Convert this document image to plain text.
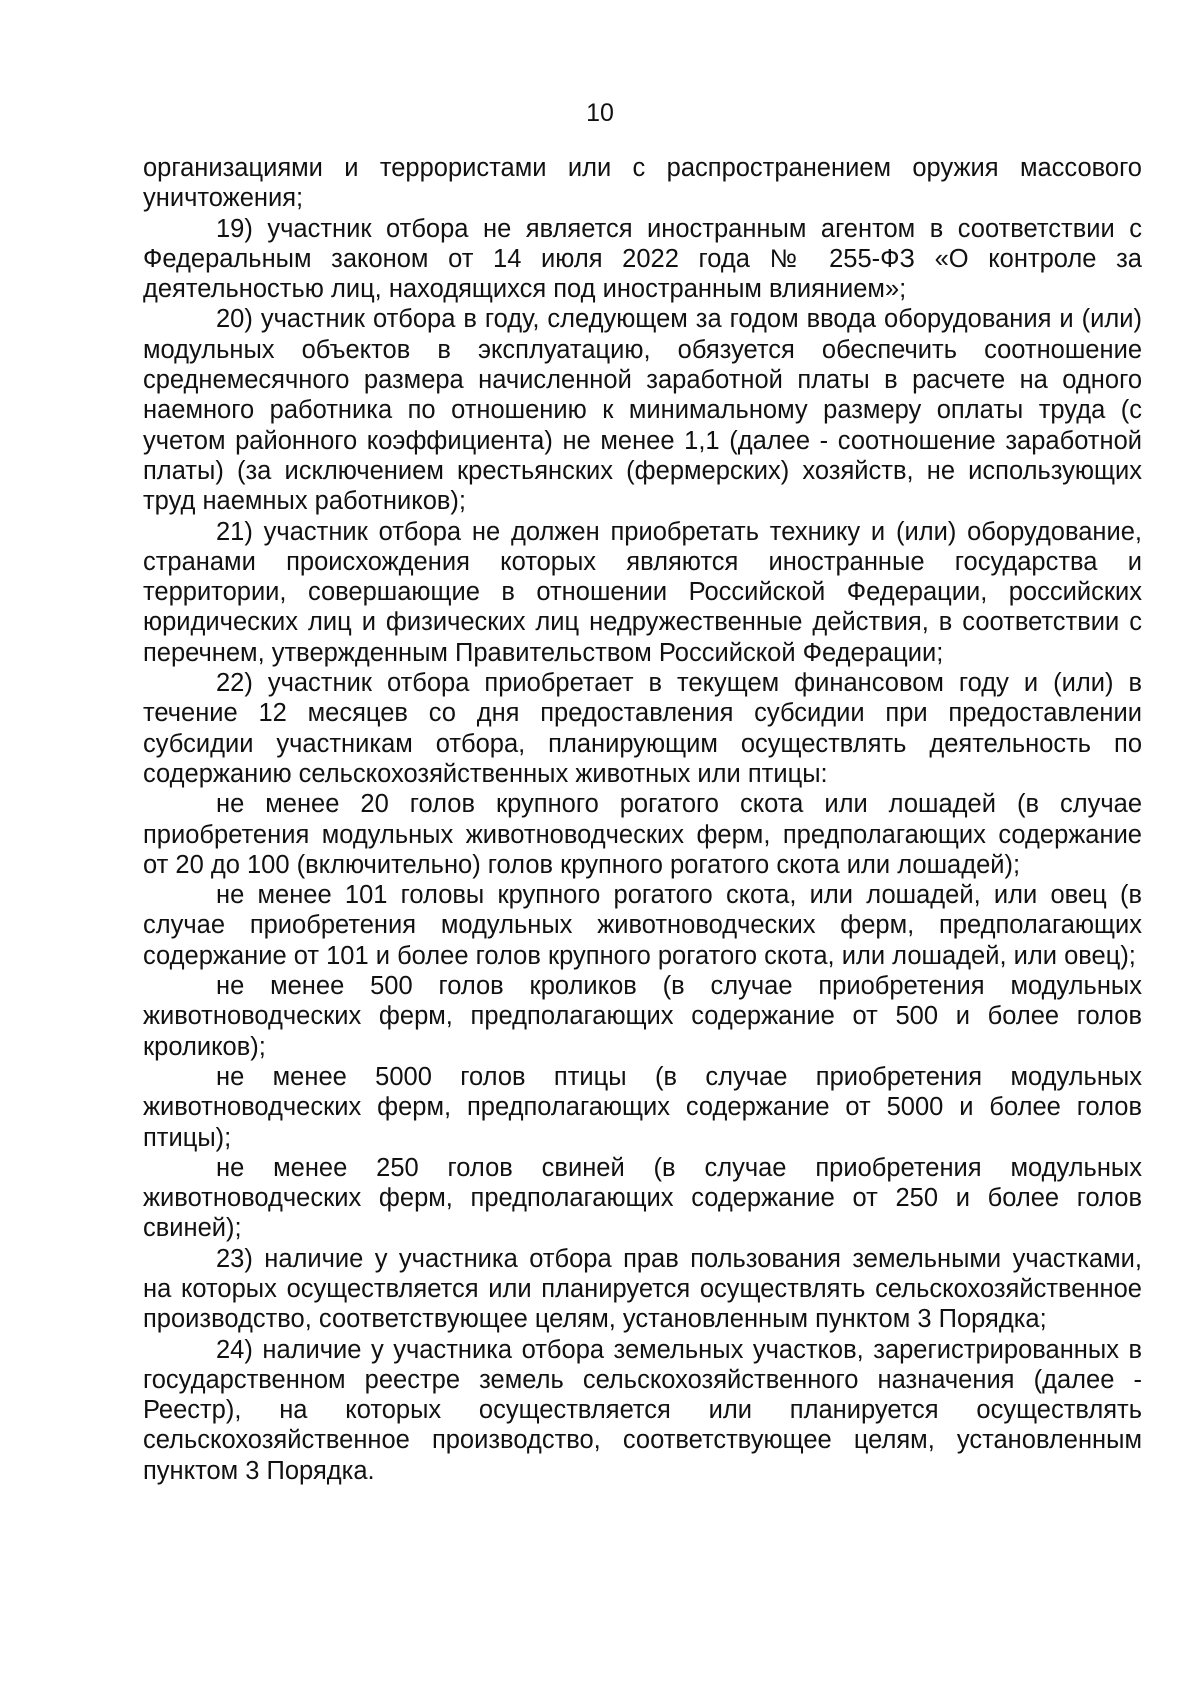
10

организациями и террористами или с распространением оружия массового уничтожения;

19) участник отбора не является иностранным агентом в соответствии с Федеральным законом от 14 июля 2022 года № 255-ФЗ «О контроле за деятельностью лиц, находящихся под иностранным влиянием»;

20) участник отбора в году, следующем за годом ввода оборудования и (или) модульных объектов в эксплуатацию, обязуется обеспечить соотношение среднемесячного размера начисленной заработной платы в расчете на одного наемного работника по отношению к минимальному размеру оплаты труда (с учетом районного коэффициента) не менее 1,1 (далее - соотношение заработной платы) (за исключением крестьянских (фермерских) хозяйств, не использующих труд наемных работников);

21) участник отбора не должен приобретать технику и (или) оборудование, странами происхождения которых являются иностранные государства и территории, совершающие в отношении Российской Федерации, российских юридических лиц и физических лиц недружественные действия, в соответствии с перечнем, утвержденным Правительством Российской Федерации;

22) участник отбора приобретает в текущем финансовом году и (или) в течение 12 месяцев со дня предоставления субсидии при предоставлении субсидии участникам отбора, планирующим осуществлять деятельность по содержанию сельскохозяйственных животных или птицы:

не менее 20 голов крупного рогатого скота или лошадей (в случае приобретения модульных животноводческих ферм, предполагающих содержание от 20 до 100 (включительно) голов крупного рогатого скота или лошадей);

не менее 101 головы крупного рогатого скота, или лошадей, или овец (в случае приобретения модульных животноводческих ферм, предполагающих содержание от 101 и более голов крупного рогатого скота, или лошадей, или овец);

не менее 500 голов кроликов (в случае приобретения модульных животноводческих ферм, предполагающих содержание от 500 и более голов кроликов);

не менее 5000 голов птицы (в случае приобретения модульных животноводческих ферм, предполагающих содержание от 5000 и более голов птицы);

не менее 250 голов свиней (в случае приобретения модульных животноводческих ферм, предполагающих содержание от 250 и более голов свиней);

23) наличие у участника отбора прав пользования земельными участками, на которых осуществляется или планируется осуществлять сельскохозяйственное производство, соответствующее целям, установленным пунктом 3 Порядка;

24) наличие у участника отбора земельных участков, зарегистрированных в государственном реестре земель сельскохозяйственного назначения (далее - Реестр), на которых осуществляется или планируется осуществлять сельскохозяйственное производство, соответствующее целям, установленным пунктом 3 Порядка.
